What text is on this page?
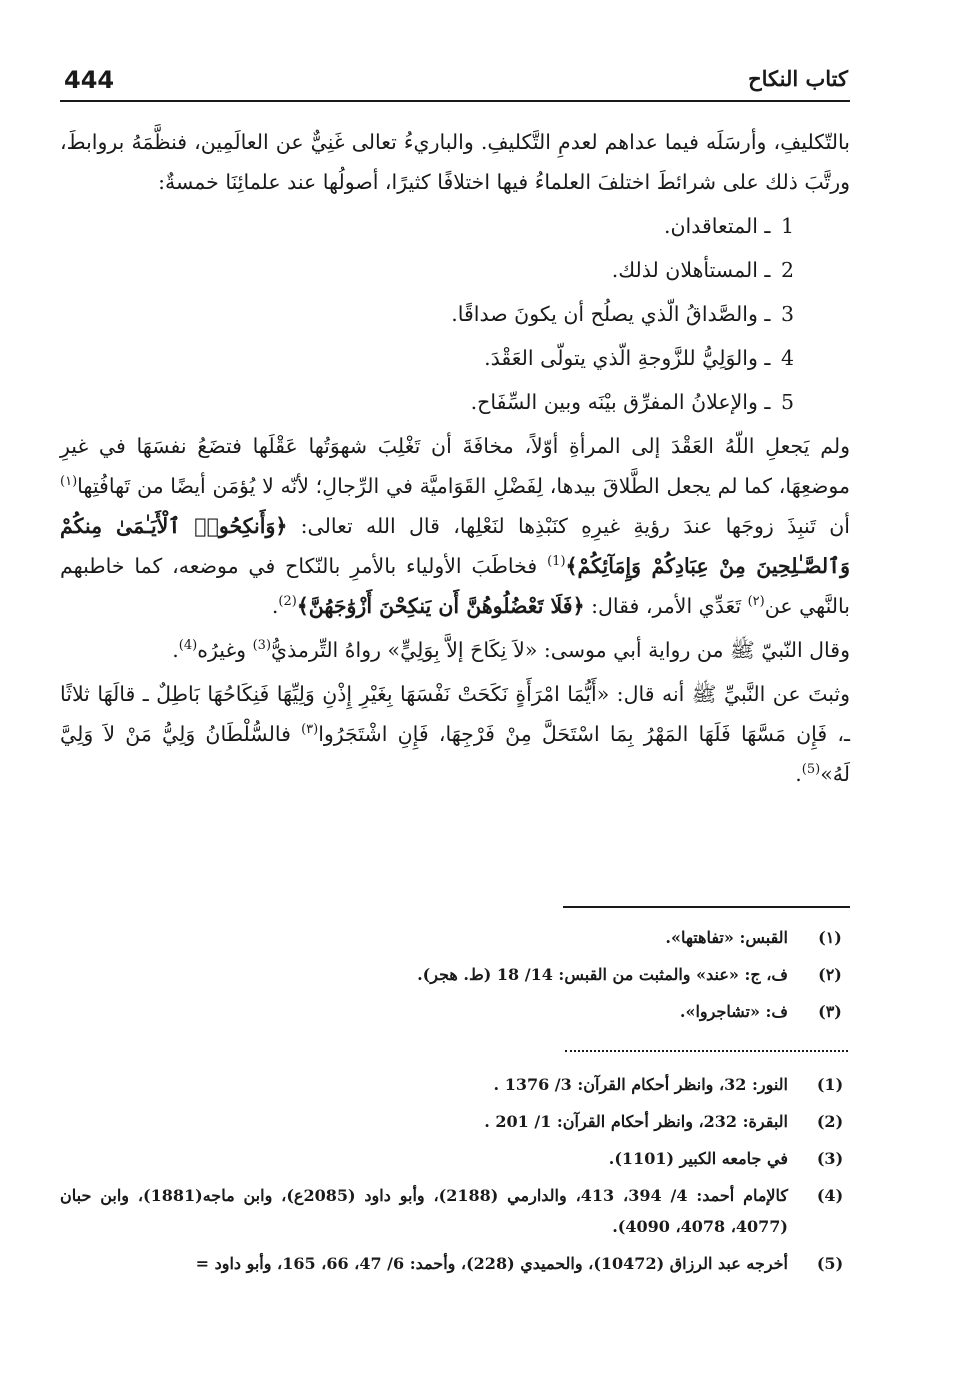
444	كتاب النكاح

بالتّكليفِ، وأرسَلَه فيما عداهم لعدمِ التَّكليفِ. والباريءُ تعالى غَنِيٌّ عن العالَمِين، فنظَّمَهُ بروابطَ، ورتَّبَ ذلك على شرائطَ اختلفَ العلماءُ فيها اختلافًا كثيرًا، أصولُها عند علمائِنَا خمسةٌ:

1 ـ المتعاقدان.
2 ـ المستأهلان لذلك.
3 ـ والصَّداقُ الّذي يصلُح أن يكونَ صداقًا.
4 ـ والوَلِيُّ للزَّوجةِ الّذي يتولّى العَقْدَ.
5 ـ والإعلانُ المفرِّق بيْنَه وبين السِّفَاح.

ولم يَجعلِ اللّهُ العَقْدَ إلى المرأةِ أوّلاً، مخافَةَ أن تَغْلِبَ شهوَتُها عَقْلَها فتضَعُ نفسَهَا في غيرِ موضعِهَا، كما لم يجعل الطَّلاقَ بيدها، لِفَضْلِ القَوَاميَّة في الرِّجالِ؛ لأنّه لا يُؤمَن أيضًا من تَهافُتِها$^{(١)}$ أن تَنبِذَ زوجَها عندَ رؤيةِ غيرِهِ كنَبْذِها لنَعْلِها، قال الله تعالى: ﴿وَأَنكِحُوا۟ ٱلْأَيَـٰمَىٰ مِنكُمْ وَٱلصَّـٰلِحِينَ مِنْ عِبَادِكُمْ وَإِمَآئِكُمْ﴾$^{(1)}$ فخاطَبَ الأولياء بالأمرِ بالنّكاح في موضعه، كما خاطبهم بالنَّهي عن$^{(٢)}$ تَعَدِّي الأمر، فقال: ﴿فَلَا تَعْضُلُوهُنَّ أَن يَنكِحْنَ أَزْوَٰجَهُنَّ﴾$^{(2)}$.

وقال النّبيّ ﷺ من رواية أبي موسى: «لاَ نِكَاحَ إلاَّ بِوَلِيٍّ» رواهُ التِّرمذيُّ$^{(3)}$ وغيرُه$^{(4)}$.

وثبتَ عن النَّبيِّ ﷺ أنه قال: «أَيُّمَا امْرَأَةٍ نَكَحَتْ نَفْسَهَا بِغَيْرِ إِذْنِ وَلِيِّهَا فَنِكَاحُهَا بَاطِلٌ ـ قالَهَا ثلاثًا ـ، فَإِن مَسَّهَا فَلَهَا المَهْرُ بِمَا اسْتَحَلَّ مِنْ فَرْجِهَا، فَإِنِ اشْتَجَرُوا$^{(٣)}$ فالسُّلْطَانُ وَلِيُّ مَنْ لاَ وَلِيَّ لَهُ»$^{(5)}$.

(١)
القبس: «تفاهتها».
(٢)
ف، ج: «عند» والمثبت من القبس: 14/ 18 (ط. هجر).
(٣)
ف: «تشاجروا».
(1)
النور: 32، وانظر أحكام القرآن: 3/ 1376 .
(2)
البقرة: 232، وانظر أحكام القرآن: 1/ 201 .
(3)
في جامعه الكبير (1101).
(4)
كالإمام أحمد: 4/ 394، 413، والدارمي (2188)، وأبو داود (2085ع)، وابن ماجه(1881)، وابن حبان (4077، 4078، 4090).
(5)
أخرجه عبد الرزاق (10472)، والحميدي (228)، وأحمد: 6/ 47، 66، 165، وأبو داود =
